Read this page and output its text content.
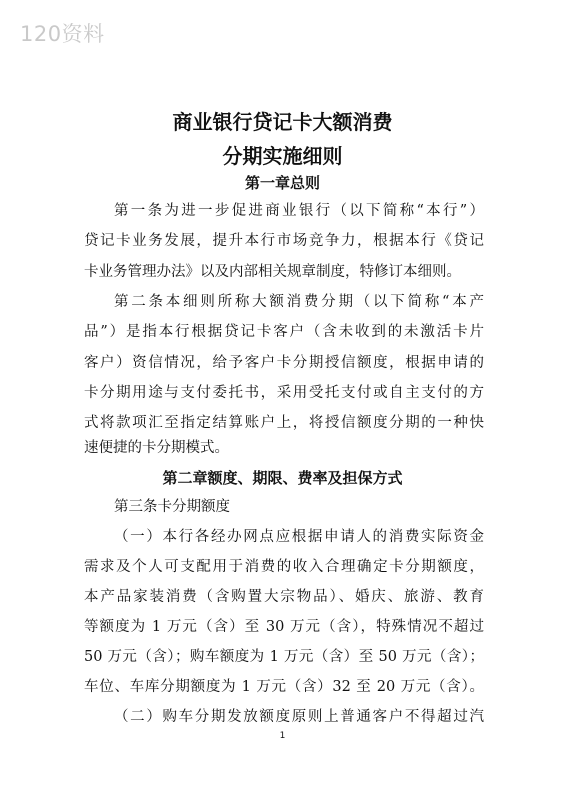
120资料
商业银行贷记卡大额消费
分期实施细则
第一章总则
第一条为进一步促进商业银行（以下简称“本行”）
贷记卡业务发展，提升本行市场竞争力，根据本行《贷记
卡业务管理办法》以及内部相关规章制度，特修订本细则。
第二条本细则所称大额消费分期（以下简称“本产
品”）是指本行根据贷记卡客户（含未收到的未激活卡片
客户）资信情况，给予客户卡分期授信额度，根据申请的
卡分期用途与支付委托书，采用受托支付或自主支付的方
式将款项汇至指定结算账户上，将授信额度分期的一种快
速便捷的卡分期模式。
第二章额度、期限、费率及担保方式
第三条卡分期额度
（一）本行各经办网点应根据申请人的消费实际资金
需求及个人可支配用于消费的收入合理确定卡分期额度，
本产品家装消费（含购置大宗物品）、婚庆、旅游、教育
等额度为 1 万元（含）至 30 万元（含），特殊情况不超过
50 万元（含）；购车额度为 1 万元（含）至 50 万元（含）；
车位、车库分期额度为 1 万元（含）32 至 20 万元（含）。
（二）购车分期发放额度原则上普通客户不得超过汽
1
